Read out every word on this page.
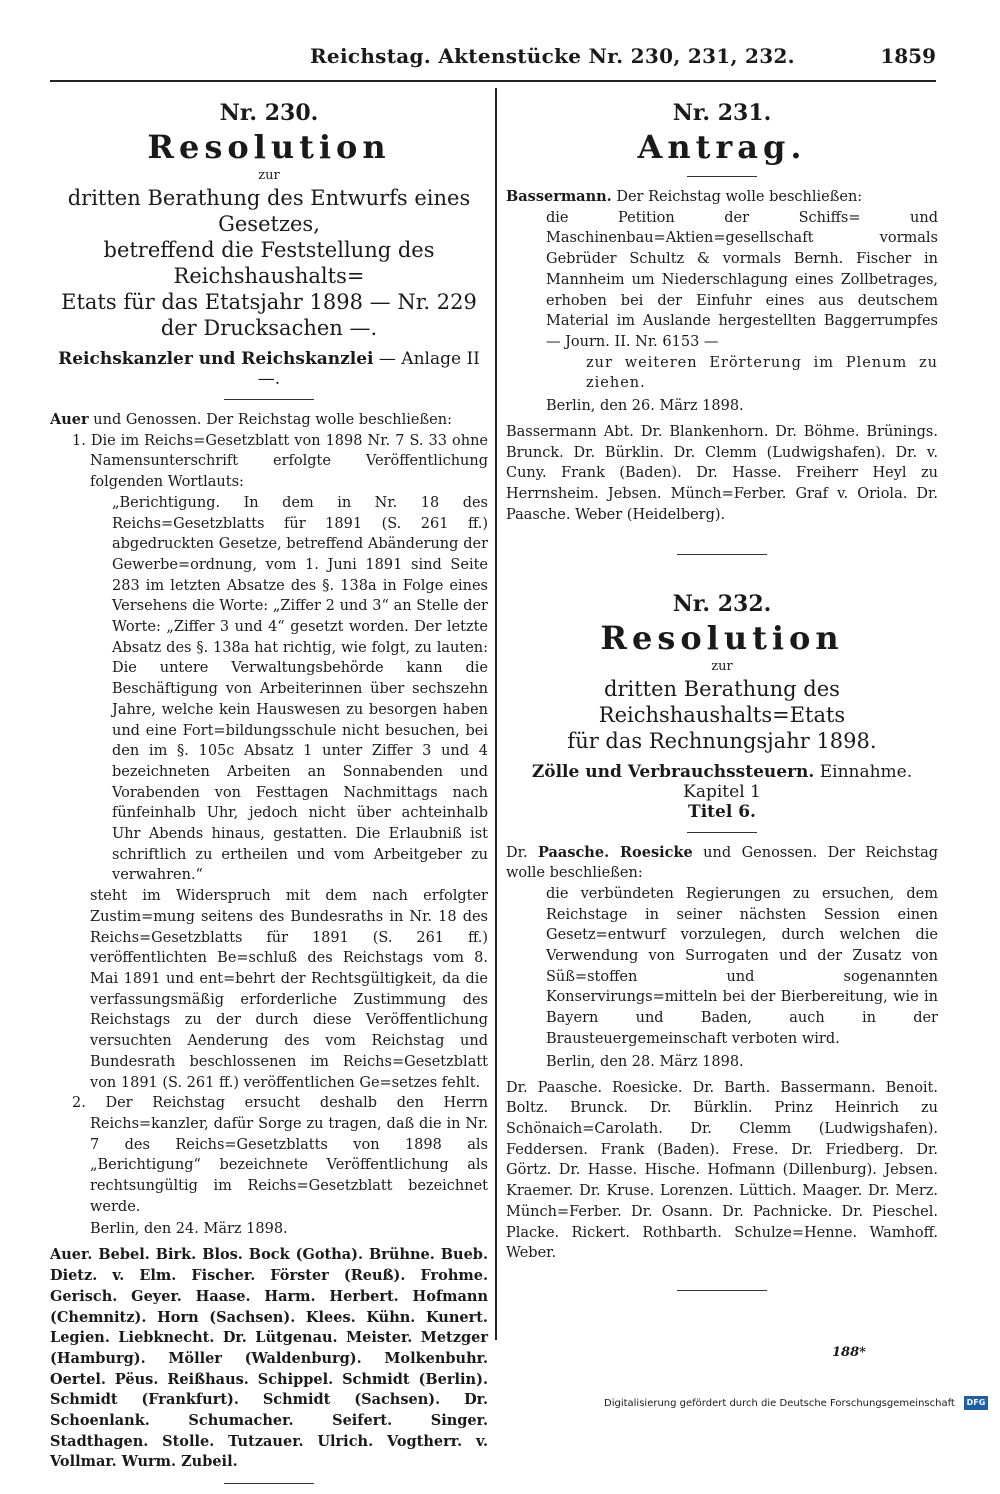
Reichstag. Aktenstücke Nr. 230, 231, 232.	1859
Nr. 230.
Resolution
zur

dritten Berathung des Entwurfs eines Gesetzes,

betreffend die Feststellung des Reichshaushalts=

Etats für das Etatsjahr 1898 — Nr. 229

der Drucksachen —.

Reichskanzler und Reichskanzlei — Anlage II —.

Auer und Genossen. Der Reichstag wolle beschließen:

1. Die im Reichs=Gesetzblatt von 1898 Nr. 7 S. 33 ohne Namensunterschrift erfolgte Veröffentlichung folgenden Wortlauts:

„Berichtigung. In dem in Nr. 18 des Reichs=Gesetzblatts für 1891 (S. 261 ff.) abgedruckten Gesetze, betreffend Abänderung der Gewerbe=ordnung, vom 1. Juni 1891 sind Seite 283 im letzten Absatze des §. 138a in Folge eines Versehens die Worte: „Ziffer 2 und 3“ an Stelle der Worte: „Ziffer 3 und 4“ gesetzt worden. Der letzte Absatz des §. 138a hat richtig, wie folgt, zu lauten: Die untere Verwaltungsbehörde kann die Beschäftigung von Arbeiterinnen über sechszehn Jahre, welche kein Hauswesen zu besorgen haben und eine Fort=bildungsschule nicht besuchen, bei den im §. 105c Absatz 1 unter Ziffer 3 und 4 bezeichneten Arbeiten an Sonnabenden und Vorabenden von Festtagen Nachmittags nach fünfeinhalb Uhr, jedoch nicht über achteinhalb Uhr Abends hinaus, gestatten. Die Erlaubniß ist schriftlich zu ertheilen und vom Arbeitgeber zu verwahren.“

steht im Widerspruch mit dem nach erfolgter Zustim=mung seitens des Bundesraths in Nr. 18 des Reichs=Gesetzblatts für 1891 (S. 261 ff.) veröffentlichten Be=schluß des Reichstags vom 8. Mai 1891 und ent=behrt der Rechtsgültigkeit, da die verfassungsmäßig erforderliche Zustimmung des Reichstags zu der durch diese Veröffentlichung versuchten Aenderung des vom Reichstag und Bundesrath beschlossenen im Reichs=Gesetzblatt von 1891 (S. 261 ff.) veröffentlichen Ge=setzes fehlt.

2. Der Reichstag ersucht deshalb den Herrn Reichs=kanzler, dafür Sorge zu tragen, daß die in Nr. 7 des Reichs=Gesetzblatts von 1898 als „Berichtigung“ bezeichnete Veröffentlichung als rechtsungültig im Reichs=Gesetzblatt bezeichnet werde.

Berlin, den 24. März 1898.

Auer. Bebel. Birk. Blos. Bock (Gotha). Brühne. Bueb. Dietz. v. Elm. Fischer. Förster (Reuß). Frohme. Gerisch. Geyer. Haase. Harm. Herbert. Hofmann (Chemnitz). Horn (Sachsen). Klees. Kühn. Kunert. Legien. Liebknecht. Dr. Lütgenau. Meister. Metzger (Hamburg). Möller (Waldenburg). Molkenbuhr. Oertel. Pëus. Reißhaus. Schippel. Schmidt (Berlin). Schmidt (Frankfurt). Schmidt (Sachsen). Dr. Schoenlank. Schumacher. Seifert. Singer. Stadthagen. Stolle. Tutzauer. Ulrich. Vogtherr. v. Vollmar. Wurm. Zubeil.

Nr. 231.
Antrag.

Bassermann. Der Reichstag wolle beschließen:

die Petition der Schiffs= und Maschinenbau=Aktien=gesellschaft vormals Gebrüder Schultz & vormals Bernh. Fischer in Mannheim um Niederschlagung eines Zollbetrages, erhoben bei der Einfuhr eines aus deutschem Material im Auslande hergestellten Baggerrumpfes — Journ. II. Nr. 6153 —

zur weiteren Erörterung im Plenum zu ziehen.

Berlin, den 26. März 1898.

Bassermann Abt. Dr. Blankenhorn. Dr. Böhme. Brünings. Brunck. Dr. Bürklin. Dr. Clemm (Ludwigshafen). Dr. v. Cuny. Frank (Baden). Dr. Hasse. Freiherr Heyl zu Herrnsheim. Jebsen. Münch=Ferber. Graf v. Oriola. Dr. Paasche. Weber (Heidelberg).

Nr. 232.
Resolution
zur

dritten Berathung des Reichshaushalts=Etats

für das Rechnungsjahr 1898.

Zölle und Verbrauchssteuern. Einnahme. Kapitel 1
Titel 6.

Dr. Paasche. Roesicke und Genossen. Der Reichstag wolle beschließen:

die verbündeten Regierungen zu ersuchen, dem Reichstage in seiner nächsten Session einen Gesetz=entwurf vorzulegen, durch welchen die Verwendung von Surrogaten und der Zusatz von Süß=stoffen und sogenannten Konservirungs=mitteln bei der Bierbereitung, wie in Bayern und Baden, auch in der Brausteuergemeinschaft verboten wird.

Berlin, den 28. März 1898.

Dr. Paasche. Roesicke. Dr. Barth. Bassermann. Benoit. Boltz. Brunck. Dr. Bürklin. Prinz Heinrich zu Schönaich=Carolath. Dr. Clemm (Ludwigshafen). Feddersen. Frank (Baden). Frese. Dr. Friedberg. Dr. Görtz. Dr. Hasse. Hische. Hofmann (Dillenburg). Jebsen. Kraemer. Dr. Kruse. Lorenzen. Lüttich. Maager. Dr. Merz. Münch=Ferber. Dr. Osann. Dr. Pachnicke. Dr. Pieschel. Placke. Rickert. Rothbarth. Schulze=Henne. Wamhoff. Weber.

188*
Digitalisierung gefördert durch die Deutsche Forschungsgemeinschaft	DFG
